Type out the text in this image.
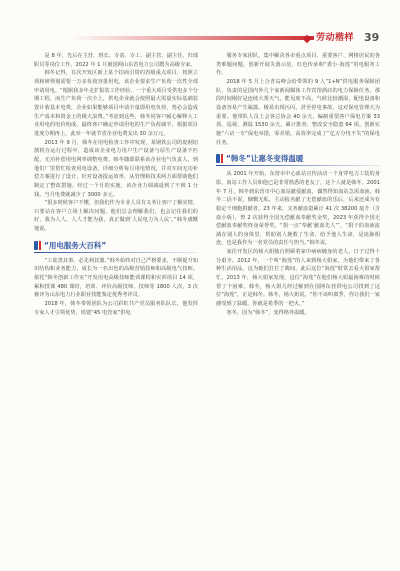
劳动楷样 39

是 8 年，先后在主营、班长、专责、专工、副主管、副主任、归部职员等岗位工作，2022 年 1 月被国网山东省电力公司聘为高级专家。

韩冬记得，有次开发区新上某个招商引资的省级重点项目，按照立项和研规划需要一万多负荷容量用电，该企业要求生产负荷一次性全部申请用电。“根据我多年走扩报装工作经验，一个重大项目受供电多个分期工程，而生产负荷一次全上，供电企业就会按照最大需量实际基础装置计收基本电费，企业如果能够项目申请全量即用电负荷，势必会造成生产成本和资金上的极大浪费。”考虑到这些，韩冬同客户耐心解释大工业用电的电价构成，最终客户确定申请用电的生产负荷减半，根据项目进度分期再上，此举一年就节省企业电费支出 30 余万元。

2013 年 9 月，韩冬在用电检查工作中发现，某钢铁公司的废钢切割机在运行过程中，造成该企业电力用户生产设备与原生产设备不匹配，无功补偿用电网率调整电费。韩冬随即联系该企业电气负责人，到他们厂里帮忙检查用电设备，详细分析每月用电情况，并对车间无功补偿方案进行了设计，针对设备投运效率，从管理和技术两方面帮助他们制定了整改措施。经过一个月的实施，该企业力调减退到了不到 1 分钱，当月电费就减少了 3000 多元。

“很多时候客户不懂，但我们作为专业人员有义务让客户了解实情，只要站在客户立场上解决问题，他们总会理解我们，也会记住我们的好，我为人人，人人才能为我，真正做到‘人民电力为人民’。”韩冬感慨地说。

“用电服务大百科”

“工欲善其事，必先利其器。”韩冬始终对自己严格要求，不断提升知识结构和业务能力，成长为一名出色的高级营销技师和高级电气技师。依托“韩冬创新工作室”开发用电高级技师能训课程和实训项目 14 项，累积授课 480 课时，培训、评价高级技师、技师等 1800 人次，3 次被评为山东电力行业职业技能鉴定优秀考评员。

2018 年，韩冬带领团队为公司彩虹共产党员服务队队长，他发挥专家人才引领优势，组建“45 电管家”供电

服务专家团队，集中解决各市重点项目、重要客户、网格居民的各类难题问题，创新开展失落示范、红色传承和“委小·海莲”用电服务工作。

2018 年 5 月上合青岛峰会给带领的 9 人“1+N”供电服务保障团队，负责的是国内外几个家新闻媒体工作宾馆酒店的电力保障任务。那段时间刚好是连续大雾天气，能见度不高，气候比较潮湿，配电设备和设备容易产生凝露、极易出现污闪，甚至停电事故，这对保电管理大为重要。他带队人员上会客总协会 40 余天，编制重要客户保电方案 33 项，巡视、测温 1530 余天，累计排查、整改安全隐患 64 项。创新实施“六访一专”保电举措，零差错，高效率完成了“亿万分忧不失”的保电任务。

“韩冬”让惠冬变得温暖

从 2001 年开始，东营市中心血站宣传活动一个身穿电力工装的身影，血站工作人员和他已是非常熟悉的老友了，这个人就是韩冬。2001 年 7 月，韩冬到东营市中心血站献爱献血，偶然得知血站急需血液，韩冬二话不说，慷慨无私，主动报名献了无偿献血的乐后，后来还成为有稳定干细胞捐献者。23 年来，义务献血量累计 41 次 38200 毫升（含血小板），曾 2 次获得全国无偿献血奉献奖金奖，2023 年获得全国无偿献血奉献奖终身荣誉奖。“捐一点”奉献‘献血先人’”，“捐干的血液流淌在别人的身体里，帮助别人挽救了生命，给予他人生命，是血脉相连，也是我作为一名党员的责任与担当。”韩冬说。

家住开发区的杨大姐独自照顾着家中病病缠身的老人，日子过得十分艰辛。2012 年，一个叫“海莲”的人来到杨大姐家，为他们带来了各种生活用品，这为她们打打了晦间，此后这位“海莲”时常去看大姐家帮忙。2013 年，杨大姐家发现，这位“海莲”在他们杨大姐最困难的时候帮了个困难，韩冬，杨大姐儿经过解到在国网东营供电公司找到了这位“海莲”，正是韩冬。韩冬，杨大姐说，“你不该叫离季，你让我们一家感受到了温暖，你就是希季的一把火。”

寒冬，因为“韩冬”，变得格外温暖。
